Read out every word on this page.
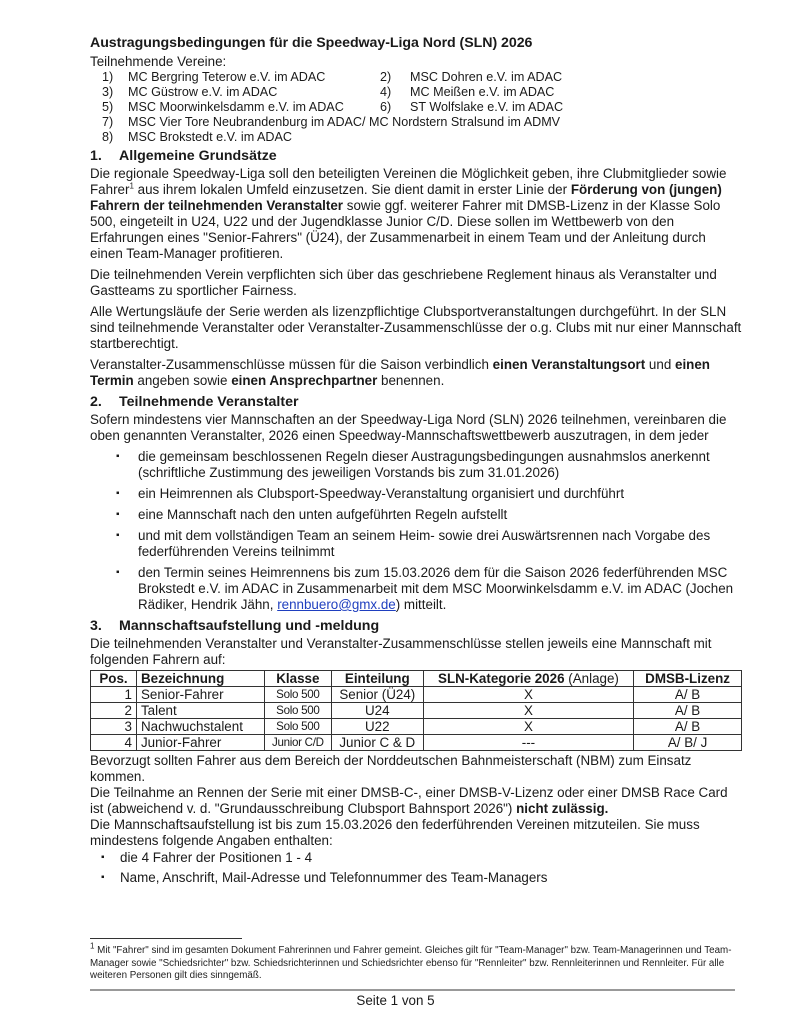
Austragungsbedingungen für die Speedway-Liga Nord (SLN) 2026

Teilnehmende Vereine:

1)	MC Bergring Teterow e.V. im ADAC	2)	MSC Dohren e.V. im ADAC
3)	MC Güstrow e.V. im ADAC	4)	MC Meißen e.V. im ADAC
5)	MSC Moorwinkelsdamm e.V. im ADAC	6)	ST Wolfslake e.V. im ADAC
7)	MSC Vier Tore Neubrandenburg im ADAC/ MC Nordstern Stralsund im ADMV
8)	MSC Brokstedt e.V. im ADAC
1.	Allgemeine Grundsätze

Die regionale Speedway-Liga soll den beteiligten Vereinen die Möglichkeit geben, ihre Clubmitglieder sowie Fahrer$^1$ aus ihrem lokalen Umfeld einzusetzen. Sie dient damit in erster Linie der Förderung von (jungen) Fahrern der teilnehmenden Veranstalter sowie ggf. weiterer Fahrer mit DMSB-Lizenz in der Klasse Solo 500, eingeteilt in U24, U22 und der Jugendklasse Junior C/D. Diese sollen im Wettbewerb von den Erfahrungen eines "Senior-Fahrers" (Ü24), der Zusammenarbeit in einem Team und der Anleitung durch einen Team-Manager profitieren.

Die teilnehmenden Verein verpflichten sich über das geschriebene Reglement hinaus als Veranstalter und Gastteams zu sportlicher Fairness.

Alle Wertungsläufe der Serie werden als lizenzpflichtige Clubsportveranstaltungen durchgeführt. In der SLN sind teilnehmende Veranstalter oder Veranstalter-Zusammenschlüsse der o.g. Clubs mit nur einer Mannschaft startberechtigt.

Veranstalter-Zusammenschlüsse müssen für die Saison verbindlich einen Veranstaltungsort und einen Termin angeben sowie einen Ansprechpartner benennen.

2.	Teilnehmende Veranstalter

Sofern mindestens vier Mannschaften an der Speedway-Liga Nord (SLN) 2026 teilnehmen, vereinbaren die oben genannten Veranstalter, 2026 einen Speedway-Mannschaftswettbewerb auszutragen, in dem jeder

▪ die gemeinsam beschlossenen Regeln dieser Austragungsbedingungen ausnahmslos anerkennt (schriftliche Zustimmung des jeweiligen Vorstands bis zum 31.01.2026)
▪ ein Heimrennen als Clubsport-Speedway-Veranstaltung organisiert und durchführt
▪ eine Mannschaft nach den unten aufgeführten Regeln aufstellt
▪ und mit dem vollständigen Team an seinem Heim- sowie drei Auswärtsrennen nach Vorgabe des federführenden Vereins teilnimmt
▪ den Termin seines Heimrennens bis zum 15.03.2026 dem für die Saison 2026 federführenden MSC Brokstedt e.V. im ADAC in Zusammenarbeit mit dem MSC Moorwinkelsdamm e.V. im ADAC (Jochen Rädiker, Hendrik Jähn, rennbuero@gmx.de) mitteilt.
3.	Mannschaftsaufstellung und -meldung

Die teilnehmenden Veranstalter und Veranstalter-Zusammenschlüsse stellen jeweils eine Mannschaft mit folgenden Fahrern auf:

Pos.	Bezeichnung	Klasse	Einteilung	SLN-Kategorie 2026 (Anlage)	DMSB-Lizenz
1	Senior-Fahrer	Solo 500	Senior (Ü24)	X	A/ B
2	Talent	Solo 500	U24	X	A/ B
3	Nachwuchstalent	Solo 500	U22	X	A/ B
4	Junior-Fahrer	Junior C/D	Junior C & D	---	A/ B/ J

Bevorzugt sollten Fahrer aus dem Bereich der Norddeutschen Bahnmeisterschaft (NBM) zum Einsatz kommen.

Die Teilnahme an Rennen der Serie mit einer DMSB-C-, einer DMSB-V-Lizenz oder einer DMSB Race Card ist (abweichend v. d. "Grundausschreibung Clubsport Bahnsport 2026") nicht zulässig.

Die Mannschaftsaufstellung ist bis zum 15.03.2026 den federführenden Vereinen mitzuteilen. Sie muss mindestens folgende Angaben enthalten:

▪ die 4 Fahrer der Positionen 1 - 4
▪ Name, Anschrift, Mail-Adresse und Telefonnummer des Team-Managers
$^1$ Mit "Fahrer" sind im gesamten Dokument Fahrerinnen und Fahrer gemeint. Gleiches gilt für "Team-Manager" bzw. Team-Managerinnen und Team-Manager sowie "Schiedsrichter" bzw. Schiedsrichterinnen und Schiedsrichter ebenso für "Rennleiter" bzw. Rennleiterinnen und Rennleiter. Für alle weiteren Personen gilt dies sinngemäß.
Seite 1 von 5
